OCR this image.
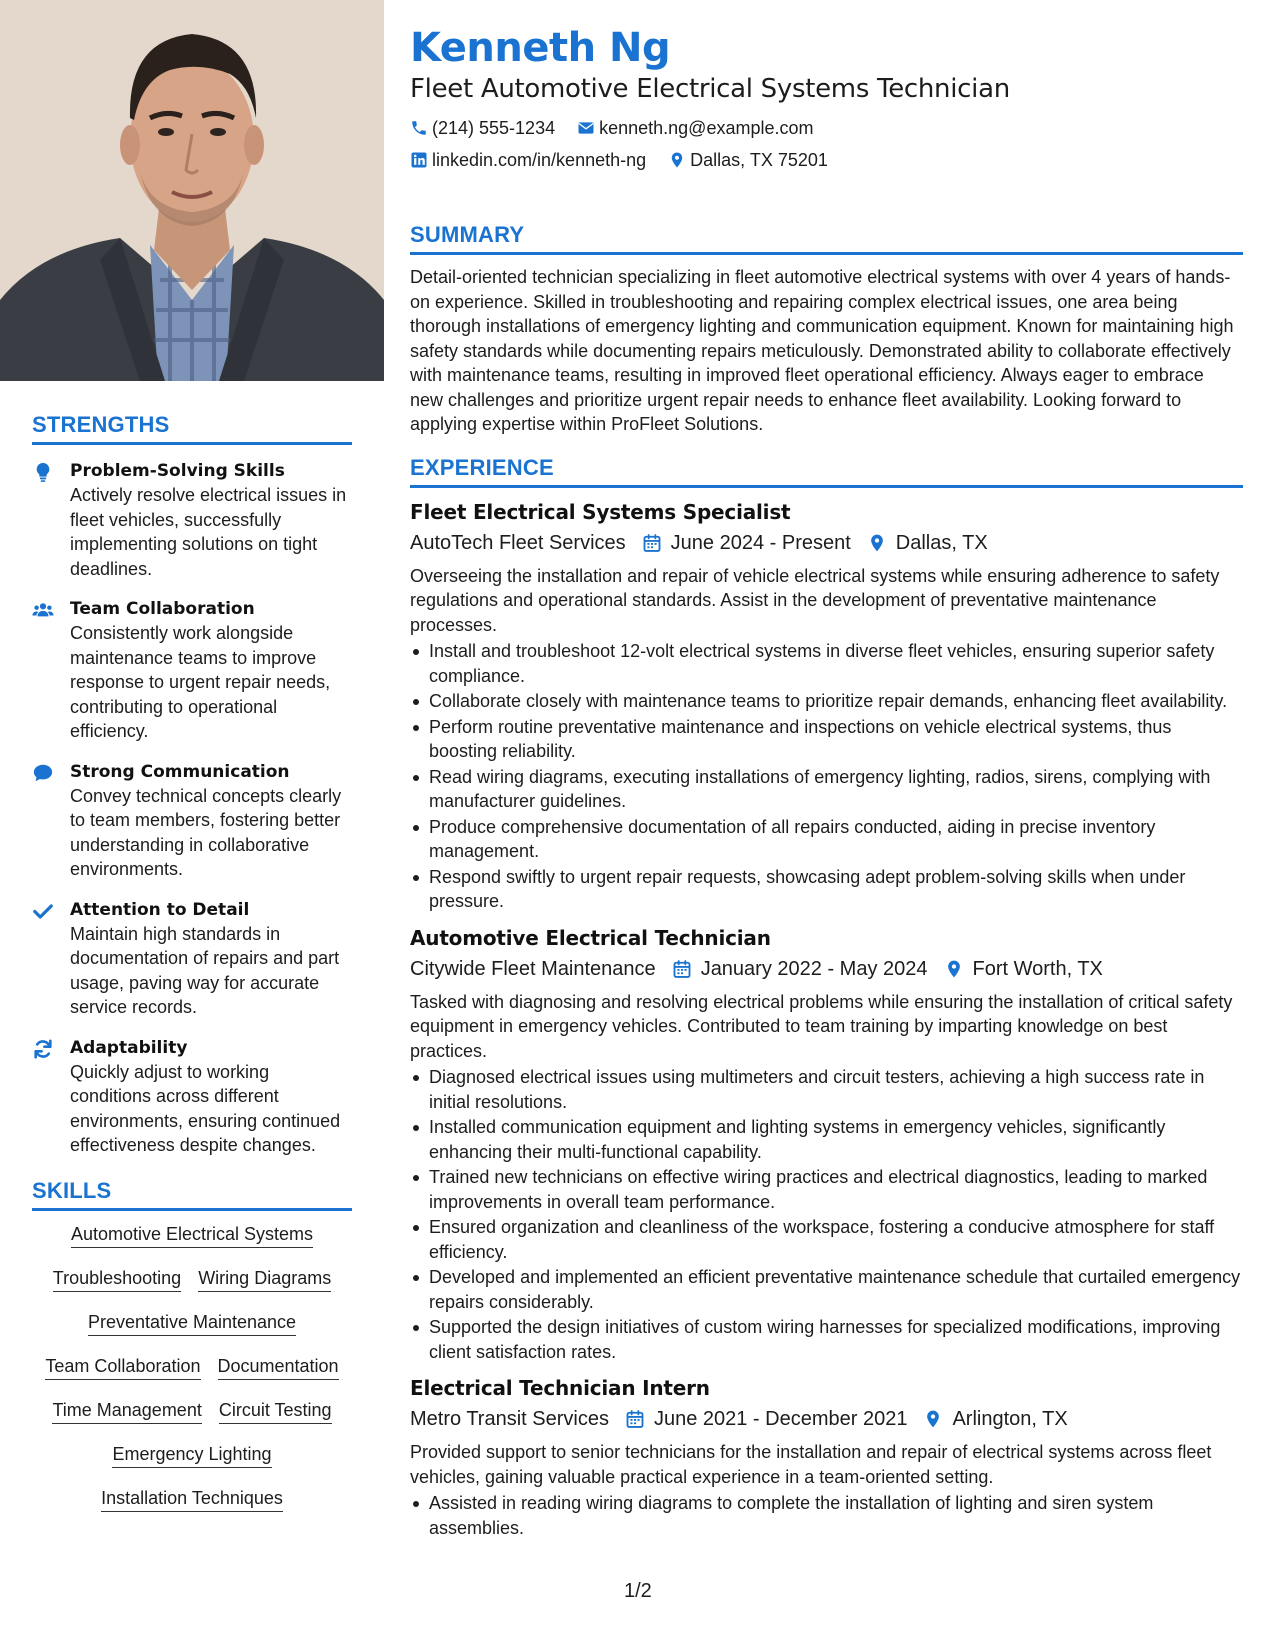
STRENGTHS
Problem-Solving Skills
Actively resolve electrical issues in fleet vehicles, successfully implementing solutions on tight deadlines.
Team Collaboration
Consistently work alongside maintenance teams to improve response to urgent repair needs, contributing to operational efficiency.
Strong Communication
Convey technical concepts clearly to team members, fostering better understanding in collaborative environments.
Attention to Detail
Maintain high standards in documentation of repairs and part usage, paving way for accurate service records.
Adaptability
Quickly adjust to working conditions across different environments, ensuring continued effectiveness despite changes.
SKILLS
Automotive Electrical Systems
Troubleshooting Wiring Diagrams
Preventative Maintenance
Team Collaboration Documentation
Time Management Circuit Testing
Emergency Lighting
Installation Techniques
Kenneth Ng
Fleet Automotive Electrical Systems Technician
(214) 555-1234 kenneth.ng@example.com
linkedin.com/in/kenneth-ng Dallas, TX 75201
SUMMARY
Detail-oriented technician specializing in fleet automotive electrical systems with over 4 years of hands-on experience. Skilled in troubleshooting and repairing complex electrical issues, one area being thorough installations of emergency lighting and communication equipment. Known for maintaining high safety standards while documenting repairs meticulously. Demonstrated ability to collaborate effectively with maintenance teams, resulting in improved fleet operational efficiency. Always eager to embrace new challenges and prioritize urgent repair needs to enhance fleet availability. Looking forward to applying expertise within ProFleet Solutions.
EXPERIENCE
Fleet Electrical Systems Specialist
AutoTech Fleet Services June 2024 - Present Dallas, TX
Overseeing the installation and repair of vehicle electrical systems while ensuring adherence to safety regulations and operational standards. Assist in the development of preventative maintenance processes.
Install and troubleshoot 12-volt electrical systems in diverse fleet vehicles, ensuring superior safety compliance.
Collaborate closely with maintenance teams to prioritize repair demands, enhancing fleet availability.
Perform routine preventative maintenance and inspections on vehicle electrical systems, thus boosting reliability.
Read wiring diagrams, executing installations of emergency lighting, radios, sirens, complying with manufacturer guidelines.
Produce comprehensive documentation of all repairs conducted, aiding in precise inventory management.
Respond swiftly to urgent repair requests, showcasing adept problem-solving skills when under pressure.
Automotive Electrical Technician
Citywide Fleet Maintenance January 2022 - May 2024 Fort Worth, TX
Tasked with diagnosing and resolving electrical problems while ensuring the installation of critical safety equipment in emergency vehicles. Contributed to team training by imparting knowledge on best practices.
Diagnosed electrical issues using multimeters and circuit testers, achieving a high success rate in initial resolutions.
Installed communication equipment and lighting systems in emergency vehicles, significantly enhancing their multi-functional capability.
Trained new technicians on effective wiring practices and electrical diagnostics, leading to marked improvements in overall team performance.
Ensured organization and cleanliness of the workspace, fostering a conducive atmosphere for staff efficiency.
Developed and implemented an efficient preventative maintenance schedule that curtailed emergency repairs considerably.
Supported the design initiatives of custom wiring harnesses for specialized modifications, improving client satisfaction rates.
Electrical Technician Intern
Metro Transit Services June 2021 - December 2021 Arlington, TX
Provided support to senior technicians for the installation and repair of electrical systems across fleet vehicles, gaining valuable practical experience in a team-oriented setting.
Assisted in reading wiring diagrams to complete the installation of lighting and siren system assemblies.
1/2
